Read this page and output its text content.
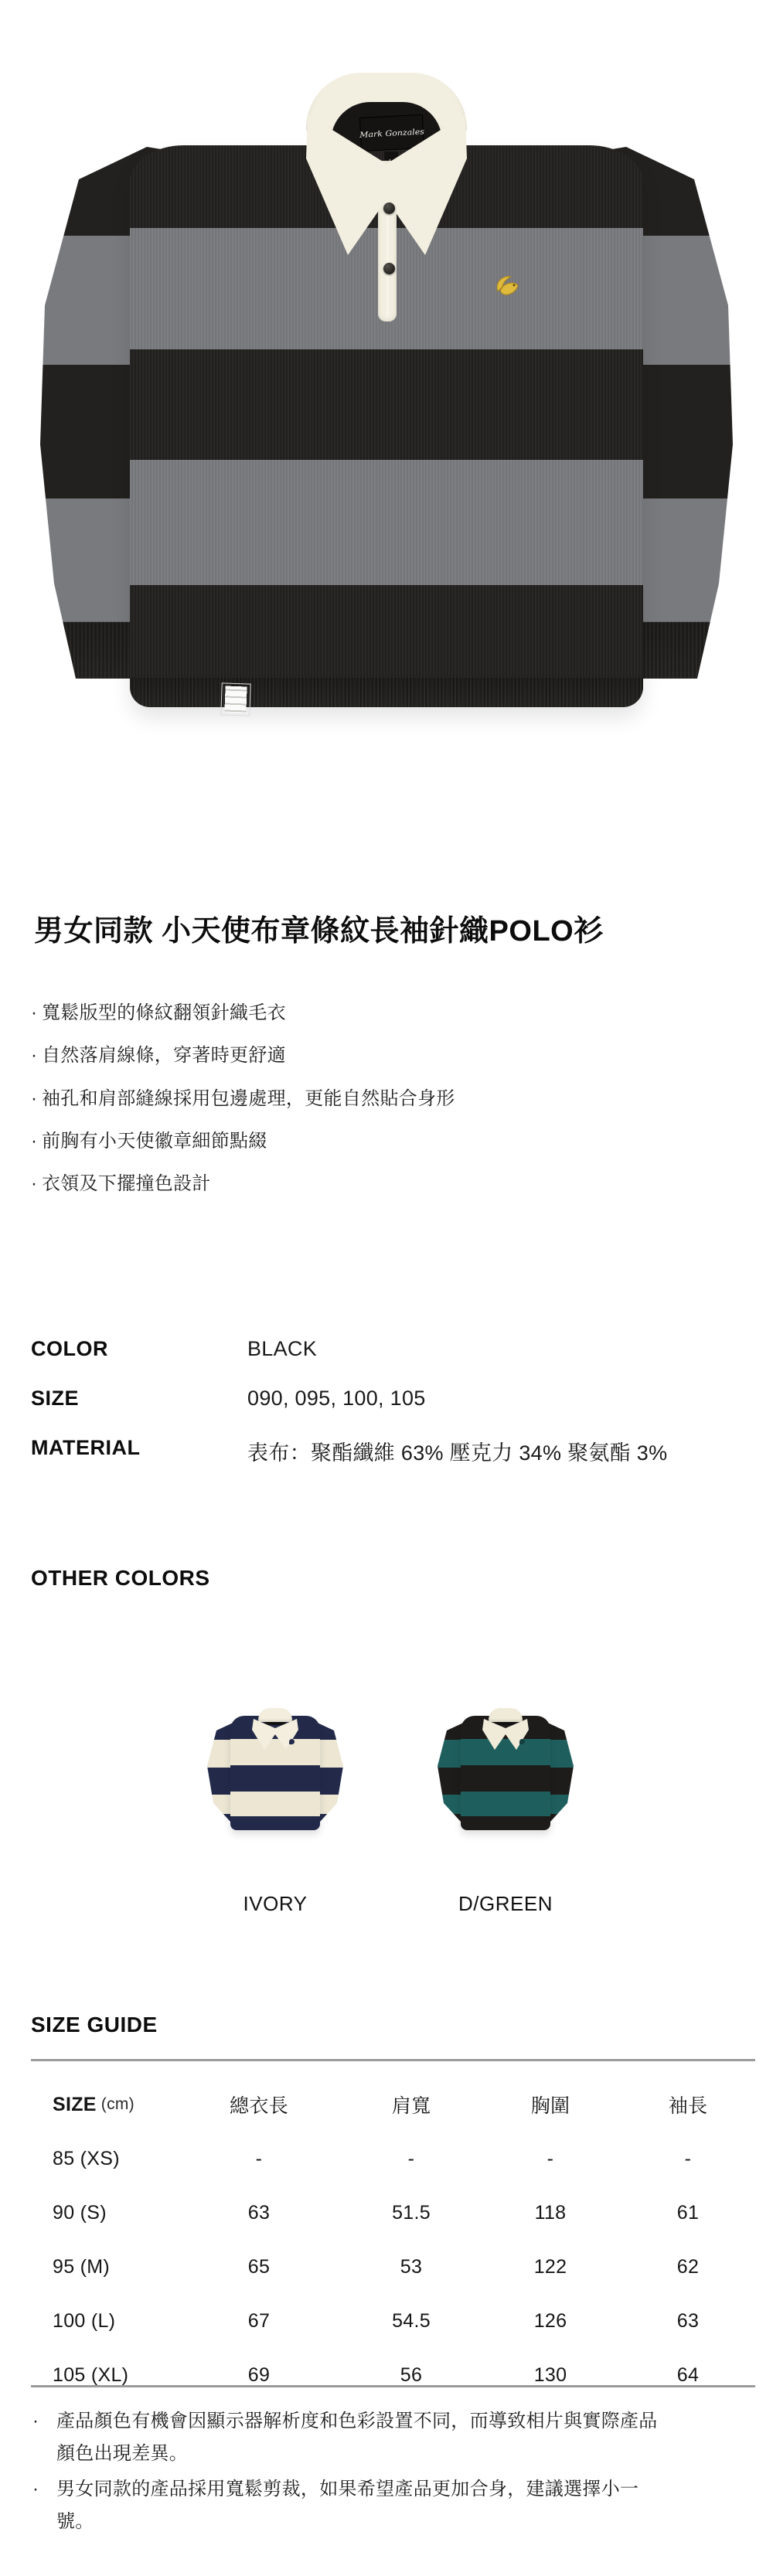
Mark Gonzales
男女同款 小天使布章條紋長袖針織POLO衫
· 寬鬆版型的條紋翻領針織毛衣
· 自然落肩線條，穿著時更舒適
· 袖孔和肩部縫線採用包邊處理，更能自然貼合身形
· 前胸有小天使徽章細節點綴
· 衣領及下擺撞色設計
COLOR	BLACK
SIZE	090, 095, 100, 105
MATERIAL	表布：聚酯纖維 63% 壓克力 34% 聚氨酯 3%
OTHER COLORS
IVORY	D/GREEN
SIZE GUIDE
SIZE (cm)	總衣長	肩寬	胸圍	袖長
85 (XS)	-	-	-	-
90 (S)	63	51.5	118	61
95 (M)	65	53	122	62
100 (L)	67	54.5	126	63
105 (XL)	69	56	130	64
· 產品顏色有機會因顯示器解析度和色彩設置不同，而導致相片與實際產品顏色出現差異。
· 男女同款的產品採用寬鬆剪裁，如果希望產品更加合身，建議選擇小一號。
